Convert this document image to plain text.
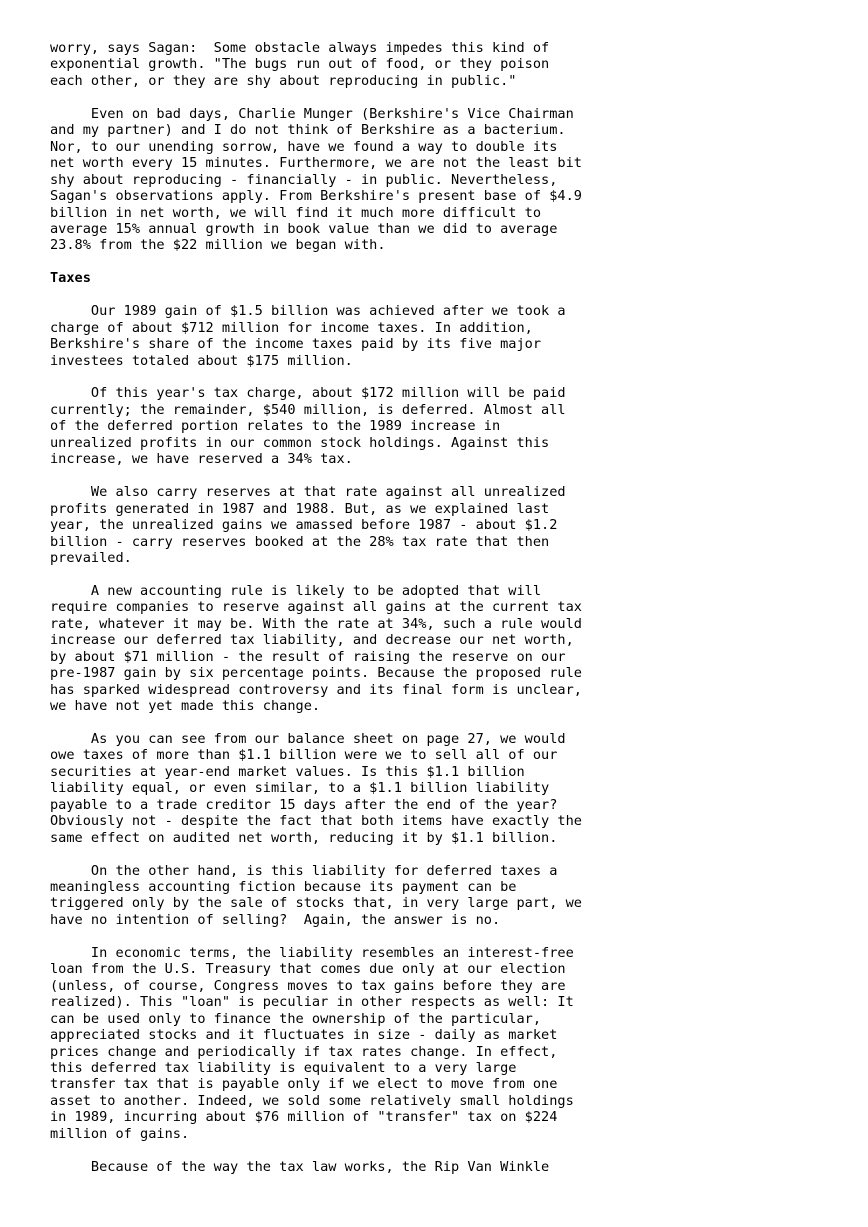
worry, says Sagan:  Some obstacle always impedes this kind of
exponential growth. "The bugs run out of food, or they poison
each other, or they are shy about reproducing in public."
Even on bad days, Charlie Munger (Berkshire's Vice Chairman
and my partner) and I do not think of Berkshire as a bacterium.
Nor, to our unending sorrow, have we found a way to double its
net worth every 15 minutes. Furthermore, we are not the least bit
shy about reproducing - financially - in public. Nevertheless,
Sagan's observations apply. From Berkshire's present base of $4.9
billion in net worth, we will find it much more difficult to
average 15% annual growth in book value than we did to average
23.8% from the $22 million we began with.
Taxes
Our 1989 gain of $1.5 billion was achieved after we took a
charge of about $712 million for income taxes. In addition,
Berkshire's share of the income taxes paid by its five major
investees totaled about $175 million.
Of this year's tax charge, about $172 million will be paid
currently; the remainder, $540 million, is deferred. Almost all
of the deferred portion relates to the 1989 increase in
unrealized profits in our common stock holdings. Against this
increase, we have reserved a 34% tax.
We also carry reserves at that rate against all unrealized
profits generated in 1987 and 1988. But, as we explained last
year, the unrealized gains we amassed before 1987 - about $1.2
billion - carry reserves booked at the 28% tax rate that then
prevailed.
A new accounting rule is likely to be adopted that will
require companies to reserve against all gains at the current tax
rate, whatever it may be. With the rate at 34%, such a rule would
increase our deferred tax liability, and decrease our net worth,
by about $71 million - the result of raising the reserve on our
pre-1987 gain by six percentage points. Because the proposed rule
has sparked widespread controversy and its final form is unclear,
we have not yet made this change.
As you can see from our balance sheet on page 27, we would
owe taxes of more than $1.1 billion were we to sell all of our
securities at year-end market values. Is this $1.1 billion
liability equal, or even similar, to a $1.1 billion liability
payable to a trade creditor 15 days after the end of the year?
Obviously not - despite the fact that both items have exactly the
same effect on audited net worth, reducing it by $1.1 billion.
On the other hand, is this liability for deferred taxes a
meaningless accounting fiction because its payment can be
triggered only by the sale of stocks that, in very large part, we
have no intention of selling?  Again, the answer is no.
In economic terms, the liability resembles an interest-free
loan from the U.S. Treasury that comes due only at our election
(unless, of course, Congress moves to tax gains before they are
realized). This "loan" is peculiar in other respects as well: It
can be used only to finance the ownership of the particular,
appreciated stocks and it fluctuates in size - daily as market
prices change and periodically if tax rates change. In effect,
this deferred tax liability is equivalent to a very large
transfer tax that is payable only if we elect to move from one
asset to another. Indeed, we sold some relatively small holdings
in 1989, incurring about $76 million of "transfer" tax on $224
million of gains.
Because of the way the tax law works, the Rip Van Winkle
